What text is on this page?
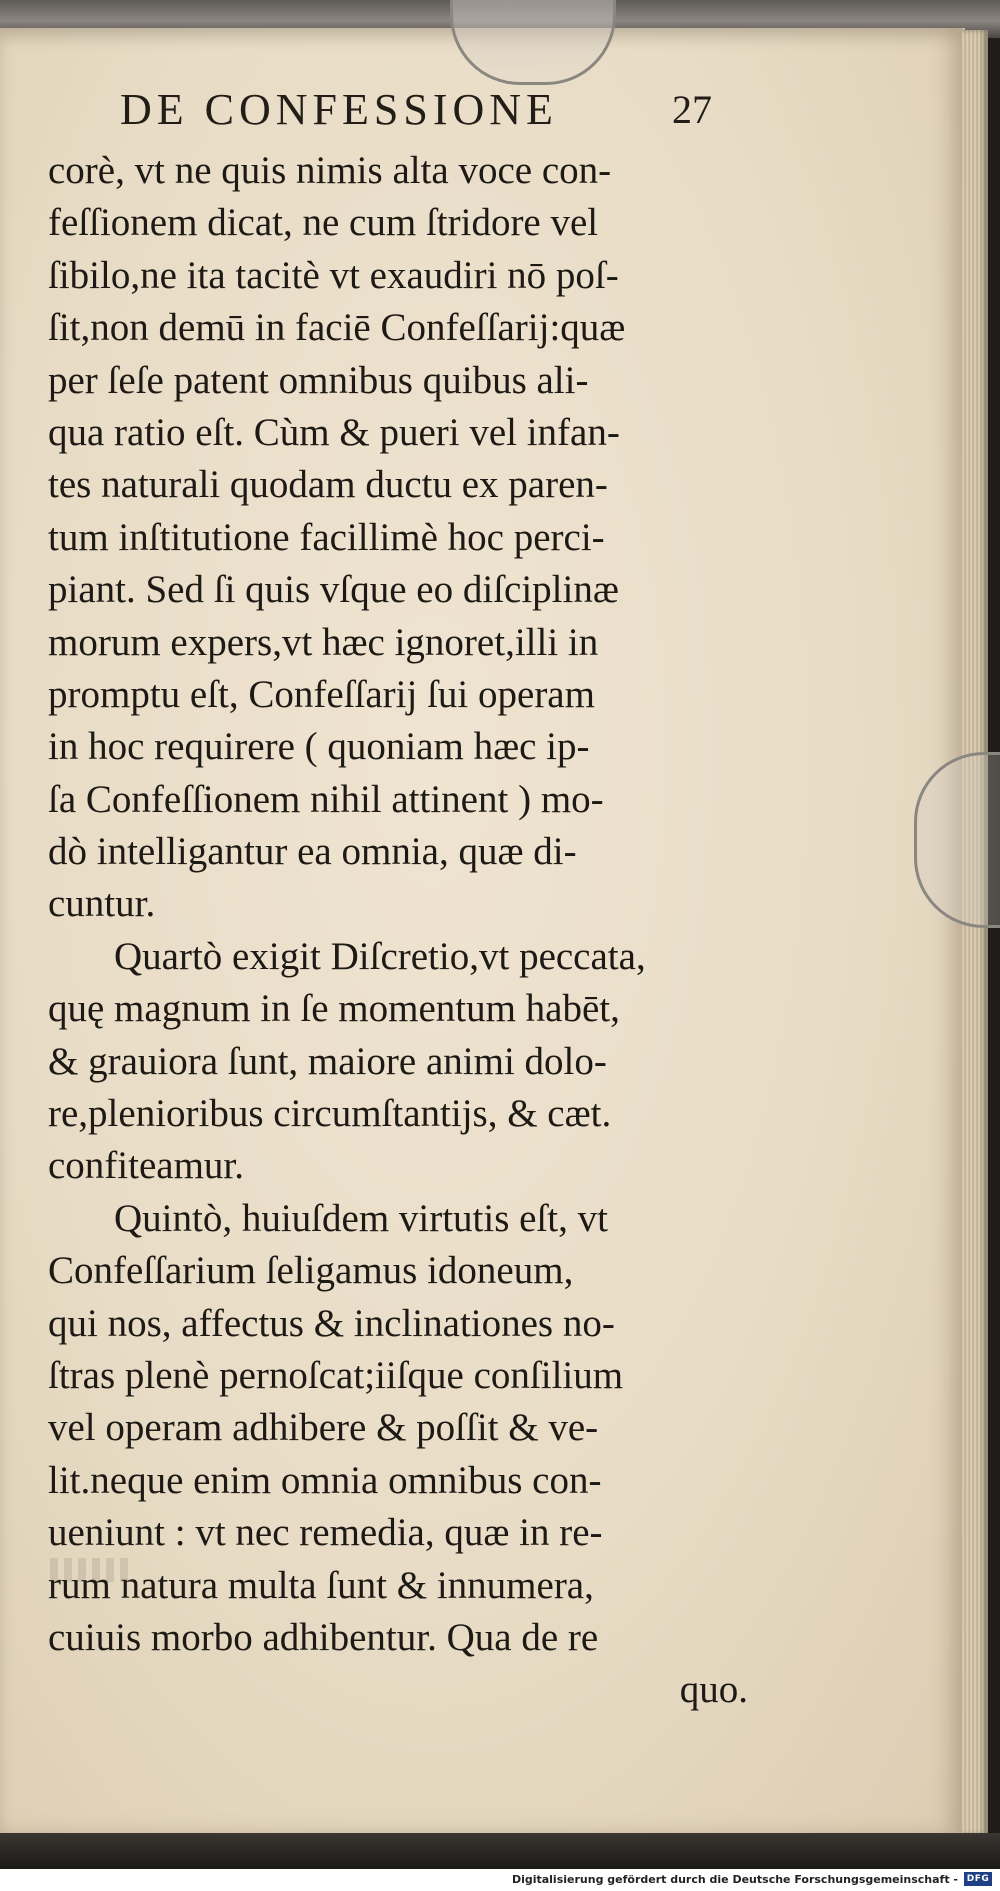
DE CONFESSIONE	27
corè, vt ne quis nimis alta voce con-
feſſionem dicat, ne cum ſtridore vel
ſibilo,ne ita tacitè vt exaudiri nō poſ-
ſit,non demū in faciē Confeſſarij:quæ
per ſeſe patent omnibus quibus ali-
qua ratio eſt. Cùm & pueri vel infan-
tes naturali quodam ductu ex paren-
tum inſtitutione facillimè hoc perci-
piant. Sed ſi quis vſque eo diſciplinæ
morum expers,vt hæc ignoret,illi in
promptu eſt, Confeſſarij ſui operam
in hoc requirere ( quoniam hæc ip-
ſa Confeſſionem nihil attinent ) mo-
dò intelligantur ea omnia, quæ di-
cuntur.
Quartò exigit Diſcretio,vt peccata,
quę magnum in ſe momentum habēt,
& grauiora ſunt, maiore animi dolo-
re,plenioribus circumſtantijs, & cæt.
confiteamur.
Quintò, huiuſdem virtutis eſt, vt
Confeſſarium ſeligamus idoneum,
qui nos, affectus & inclinationes no-
ſtras plenè pernoſcat;iiſque conſilium
vel operam adhibere & poſſit & ve-
lit.neque enim omnia omnibus con-
ueniunt : vt nec remedia, quæ in re-
rum natura multa ſunt & innumera,
cuiuis morbo adhibentur. Qua de re
quo.
Digitalisierung gefördert durch die Deutsche Forschungsgemeinschaft - DFG
